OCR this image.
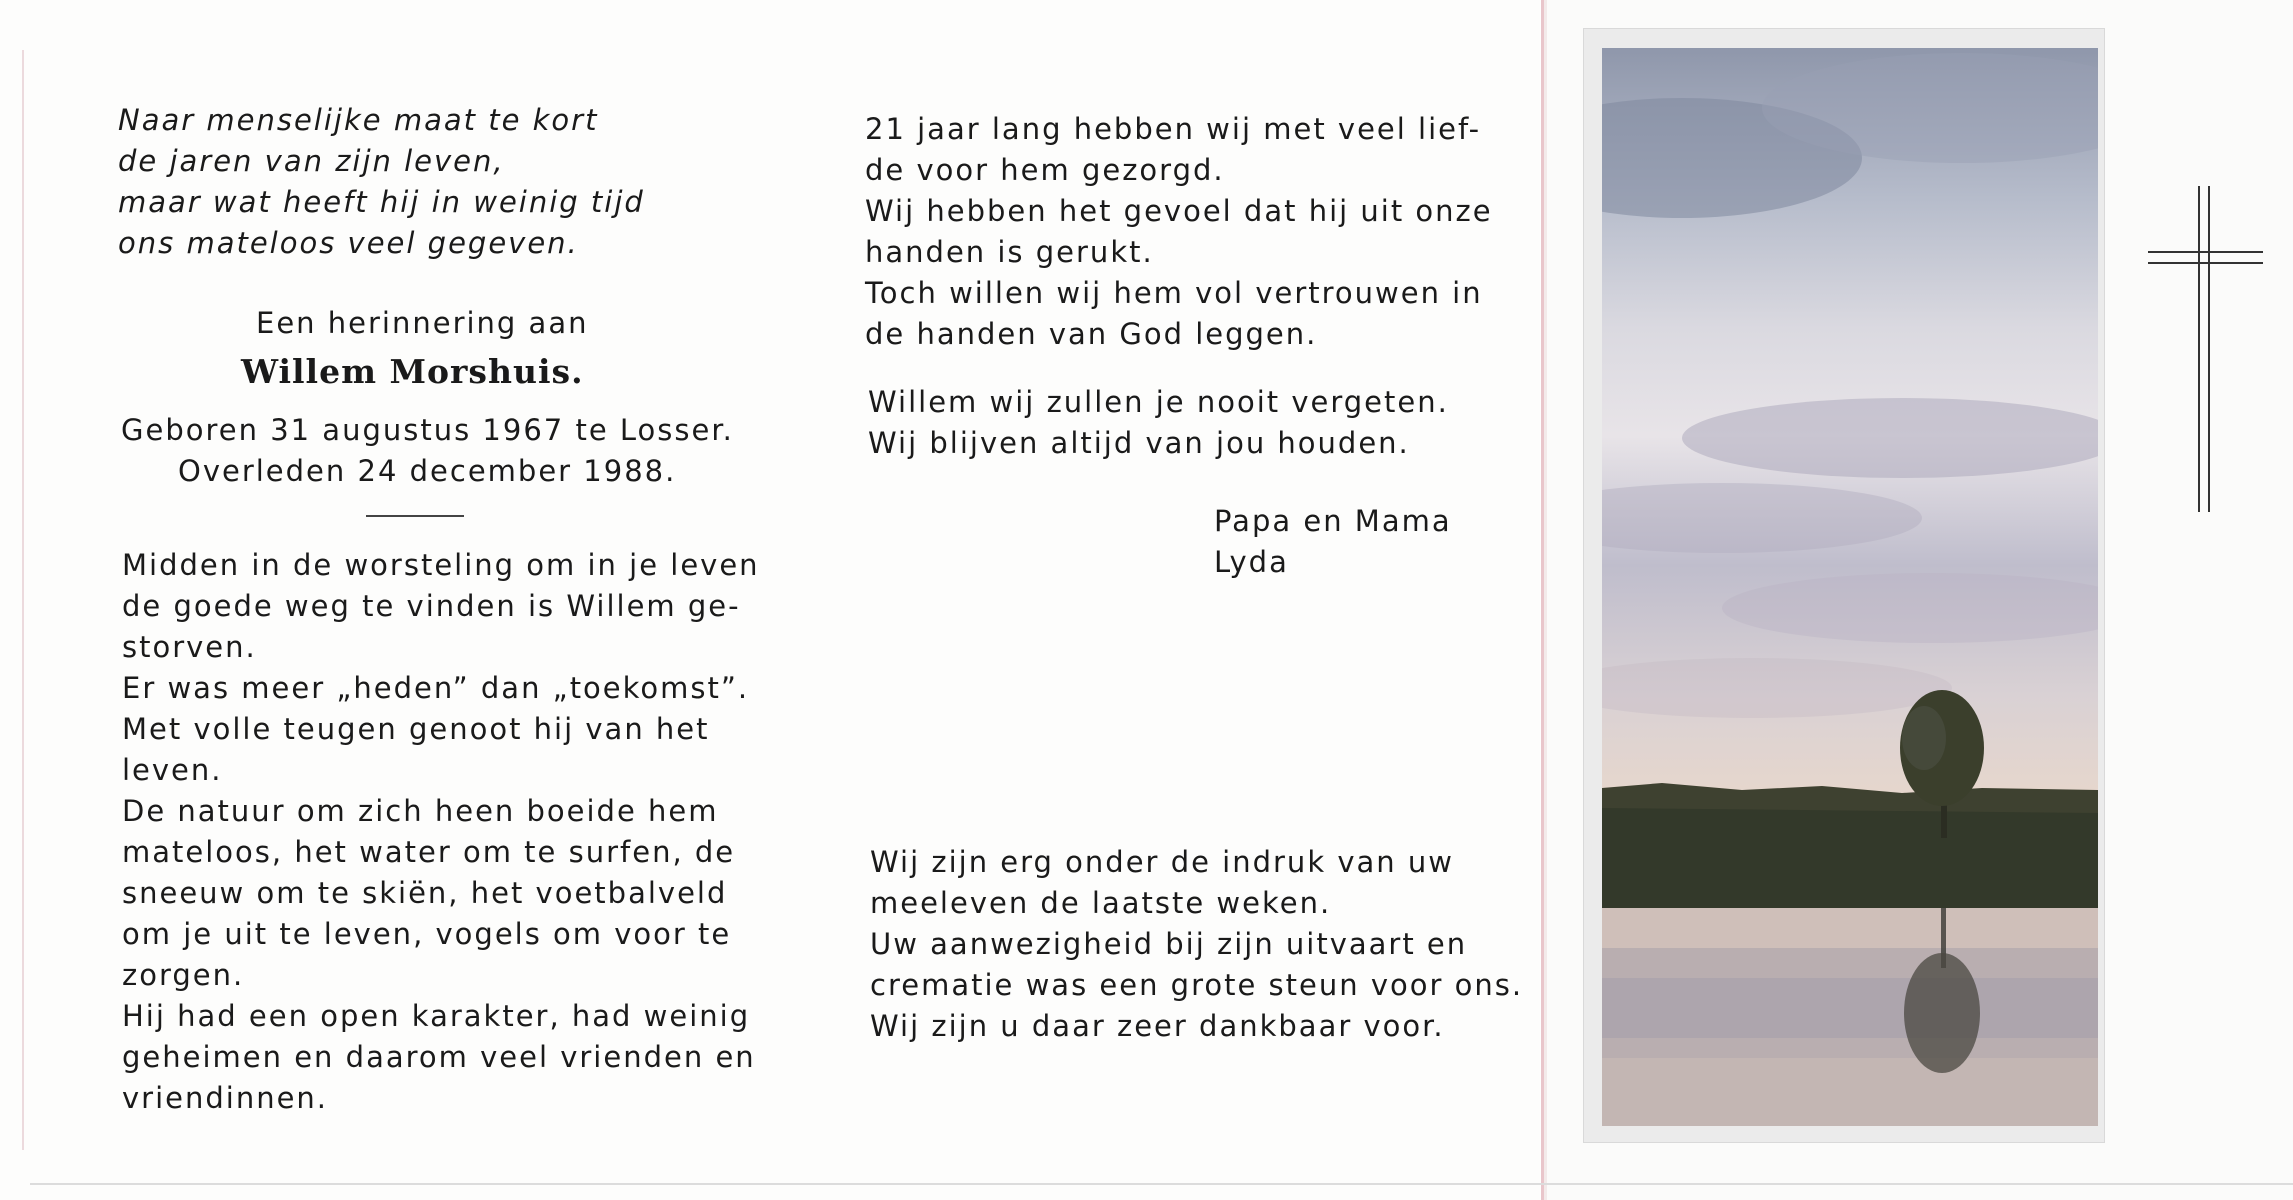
Naar menselijke maat te kort
de jaren van zijn leven,
maar wat heeft hij in weinig tijd
ons mateloos veel gegeven.
Een herinnering aan
Willem Morshuis.
Geboren 31 augustus 1967 te Losser.
Overleden 24 december 1988.
Midden in de worsteling om in je leven
de goede weg te vinden is Willem ge-
storven.
Er was meer „heden” dan „toekomst”.
Met volle teugen genoot hij van het
leven.
De natuur om zich heen boeide hem
mateloos, het water om te surfen, de
sneeuw om te skiën, het voetbalveld
om je uit te leven, vogels om voor te
zorgen.
Hij had een open karakter, had weinig
geheimen en daarom veel vrienden en
vriendinnen.
21 jaar lang hebben wij met veel lief-
de voor hem gezorgd.
Wij hebben het gevoel dat hij uit onze
handen is gerukt.
Toch willen wij hem vol vertrouwen in
de handen van God leggen.
Willem wij zullen je nooit vergeten.
Wij blijven altijd van jou houden.
Papa en Mama
Lyda
Wij zijn erg onder de indruk van uw
meeleven de laatste weken.
Uw aanwezigheid bij zijn uitvaart en
crematie was een grote steun voor ons.
Wij zijn u daar zeer dankbaar voor.
